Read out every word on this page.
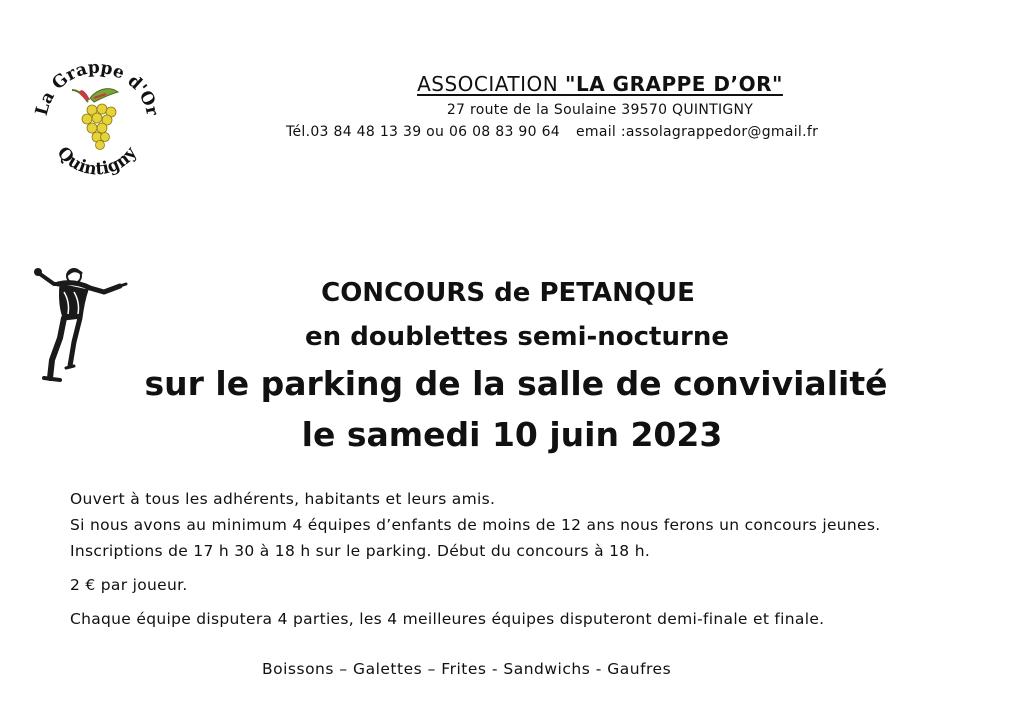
La Grappe d'Or
Quintigny
ASSOCIATION "LA GRAPPE D’OR"
27 route de la Soulaine 39570 QUINTIGNY
Tél.03 84 48 13 39 ou 06 08 83 90 64 email :assolagrappedor@gmail.fr
CONCOURS de PETANQUE
en doublettes semi-nocturne
sur le parking de la salle de convivialité
le samedi 10 juin 2023

Ouvert à tous les adhérents, habitants et leurs amis.

Si nous avons au minimum 4 équipes d’enfants de moins de 12 ans nous ferons un concours jeunes.

Inscriptions de 17 h 30 à 18 h sur le parking. Début du concours à 18 h.

2 € par joueur.

Chaque équipe disputera 4 parties, les 4 meilleures équipes disputeront demi-finale et finale.

Boissons – Galettes – Frites - Sandwichs - Gaufres
